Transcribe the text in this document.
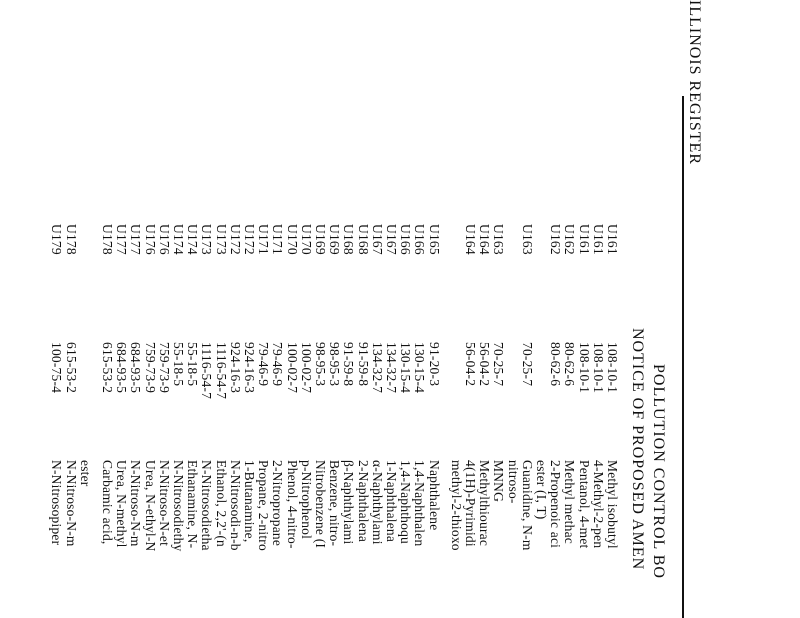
ILLINOIS REGISTER
POLLUTION CONTROL BO
NOTICE OF PROPOSED AMEN
U161
108-10-1
Methyl isobutyl
U161
108-10-1
4-Methyl-2-pen
U161
108-10-1
Pentanol, 4-met
U162
80-62-6
Methyl methac
U162
80-62-6
2-Propenoic aci
ester (I, T)
U163
70-25-7
Guanidine, N-m
nitroso-
U163
70-25-7
MNNG
U164
56-04-2
Methylthiourac
U164
56-04-2
4(1H)-Pyrimidi
methyl-2-thioxo
U165
91-20-3
Naphthalene
U166
130-15-4
1,4-Naphthalen
U166
130-15-4
1,4-Naphthoqu
U167
134-32-7
1-Naphthalena
U167
134-32-7
α-Naphthylami
U168
91-59-8
2-Naphthalena
U168
91-59-8
β-Naphthylami
U169
98-95-3
Benzene, nitro-
U169
98-95-3
Nitrobenzene (I
U170
100-02-7
p-Nitrophenol
U170
100-02-7
Phenol, 4-nitro-
U171
79-46-9
2-Nitropropane
U171
79-46-9
Propane, 2-nitro
U172
924-16-3
1-Butanamine,
U172
924-16-3
N-Nitrosodi-n-b
U173
1116-54-7
Ethanol, 2,2'-(n
U173
1116-54-7
N-Nitrosodietha
U174
55-18-5
Ethanamine, N-
U174
55-18-5
N-Nitrosodiethy
U176
759-73-9
N-Nitroso-N-et
U176
759-73-9
Urea, N-ethyl-N
U177
684-93-5
N-Nitroso-N-m
U177
684-93-5
Urea, N-methyl
U178
615-53-2
Carbamic acid,
ester
U178
615-53-2
N-Nitroso-N-m
U179
100-75-4
N-Nitrosopiper
